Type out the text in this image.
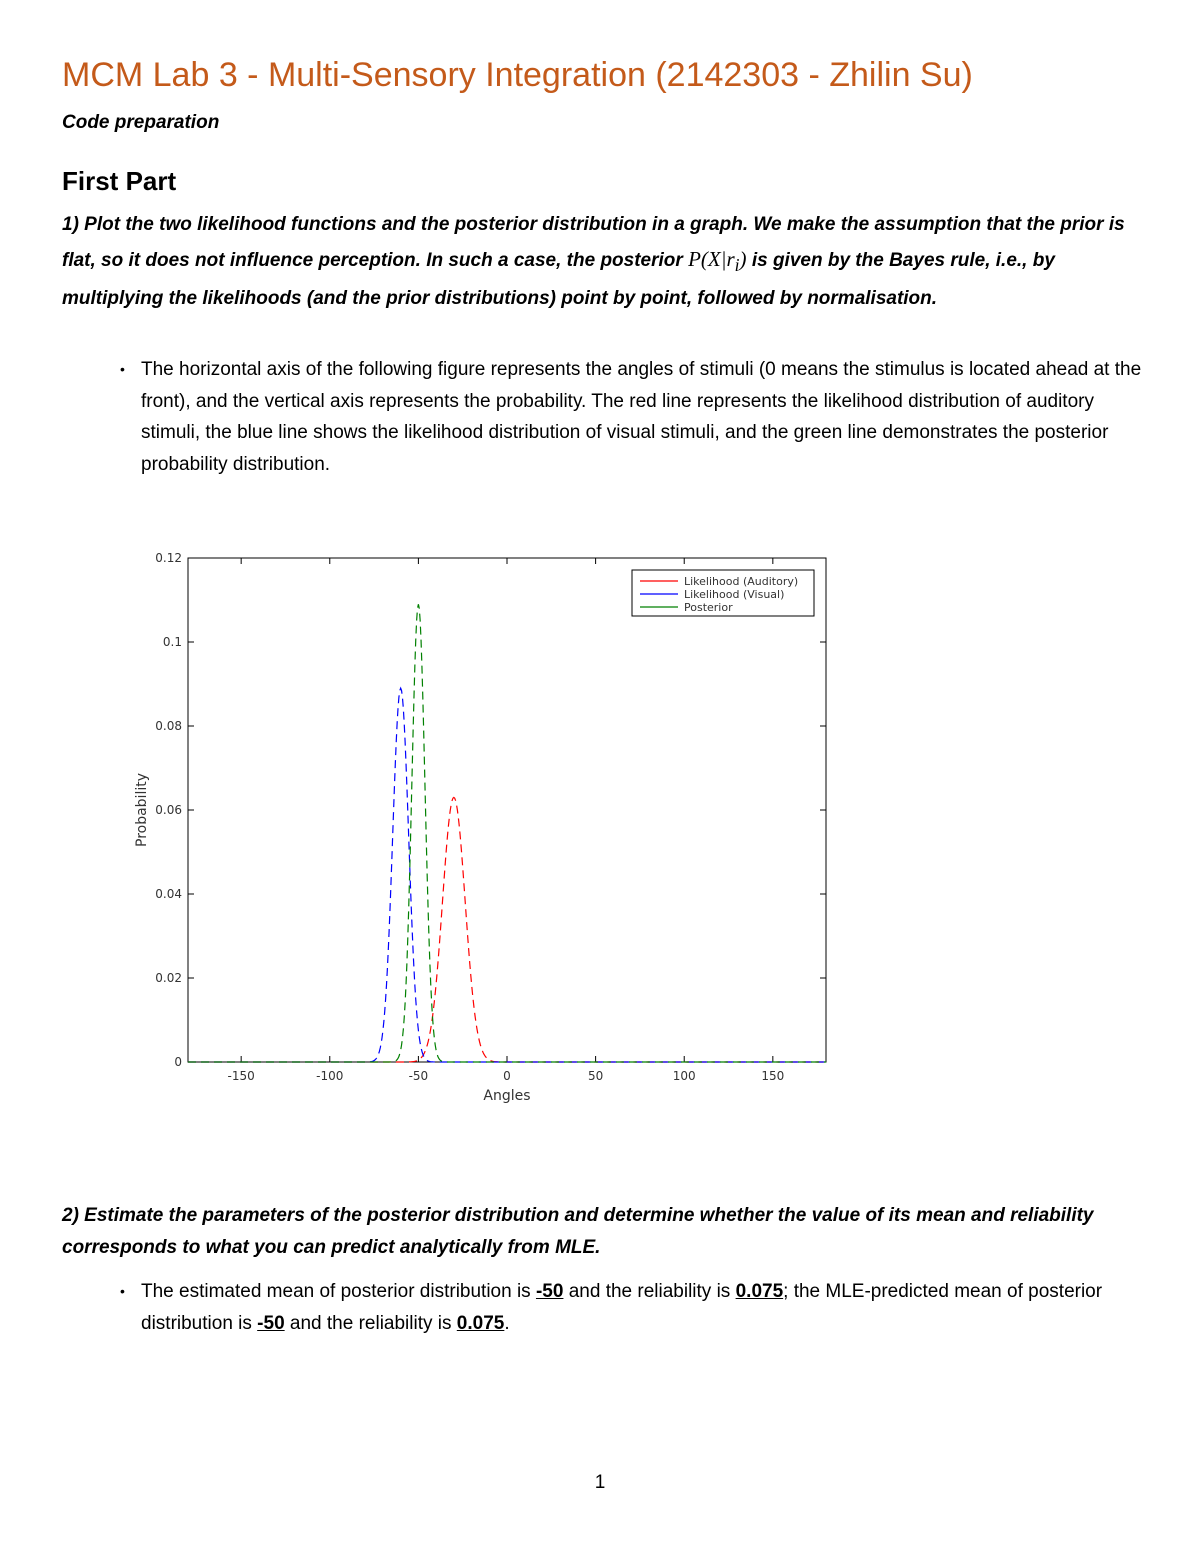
MCM Lab 3 - Multi-Sensory Integration (2142303 - Zhilin Su)

Code preparation

First Part

1) Plot the two likelihood functions and the posterior distribution in a graph. We make the assumption that the prior is flat, so it does not influence perception. In such a case, the posterior $P(X|r_i)$ is given by the Bayes rule, i.e., by multiplying the likelihoods (and the prior distributions) point by point, followed by normalisation.

• The horizontal axis of the following figure represents the angles of stimuli (0 means the stimulus is located ahead at the front), and the vertical axis represents the probability. The red line represents the likelihood distribution of auditory stimuli, the blue line shows the likelihood distribution of visual stimuli, and the green line demonstrates the posterior probability distribution.
-150	-100	-50	0	50	100	150
0
0.02
0.04
0.06
0.08
0.1
0.12
Angles
Probability
Likelihood (Auditory)
Likelihood (Visual)
Posterior

2) Estimate the parameters of the posterior distribution and determine whether the value of its mean and reliability corresponds to what you can predict analytically from MLE.

• The estimated mean of posterior distribution is -50 and the reliability is 0.075; the MLE-predicted mean of posterior distribution is -50 and the reliability is 0.075.

1
